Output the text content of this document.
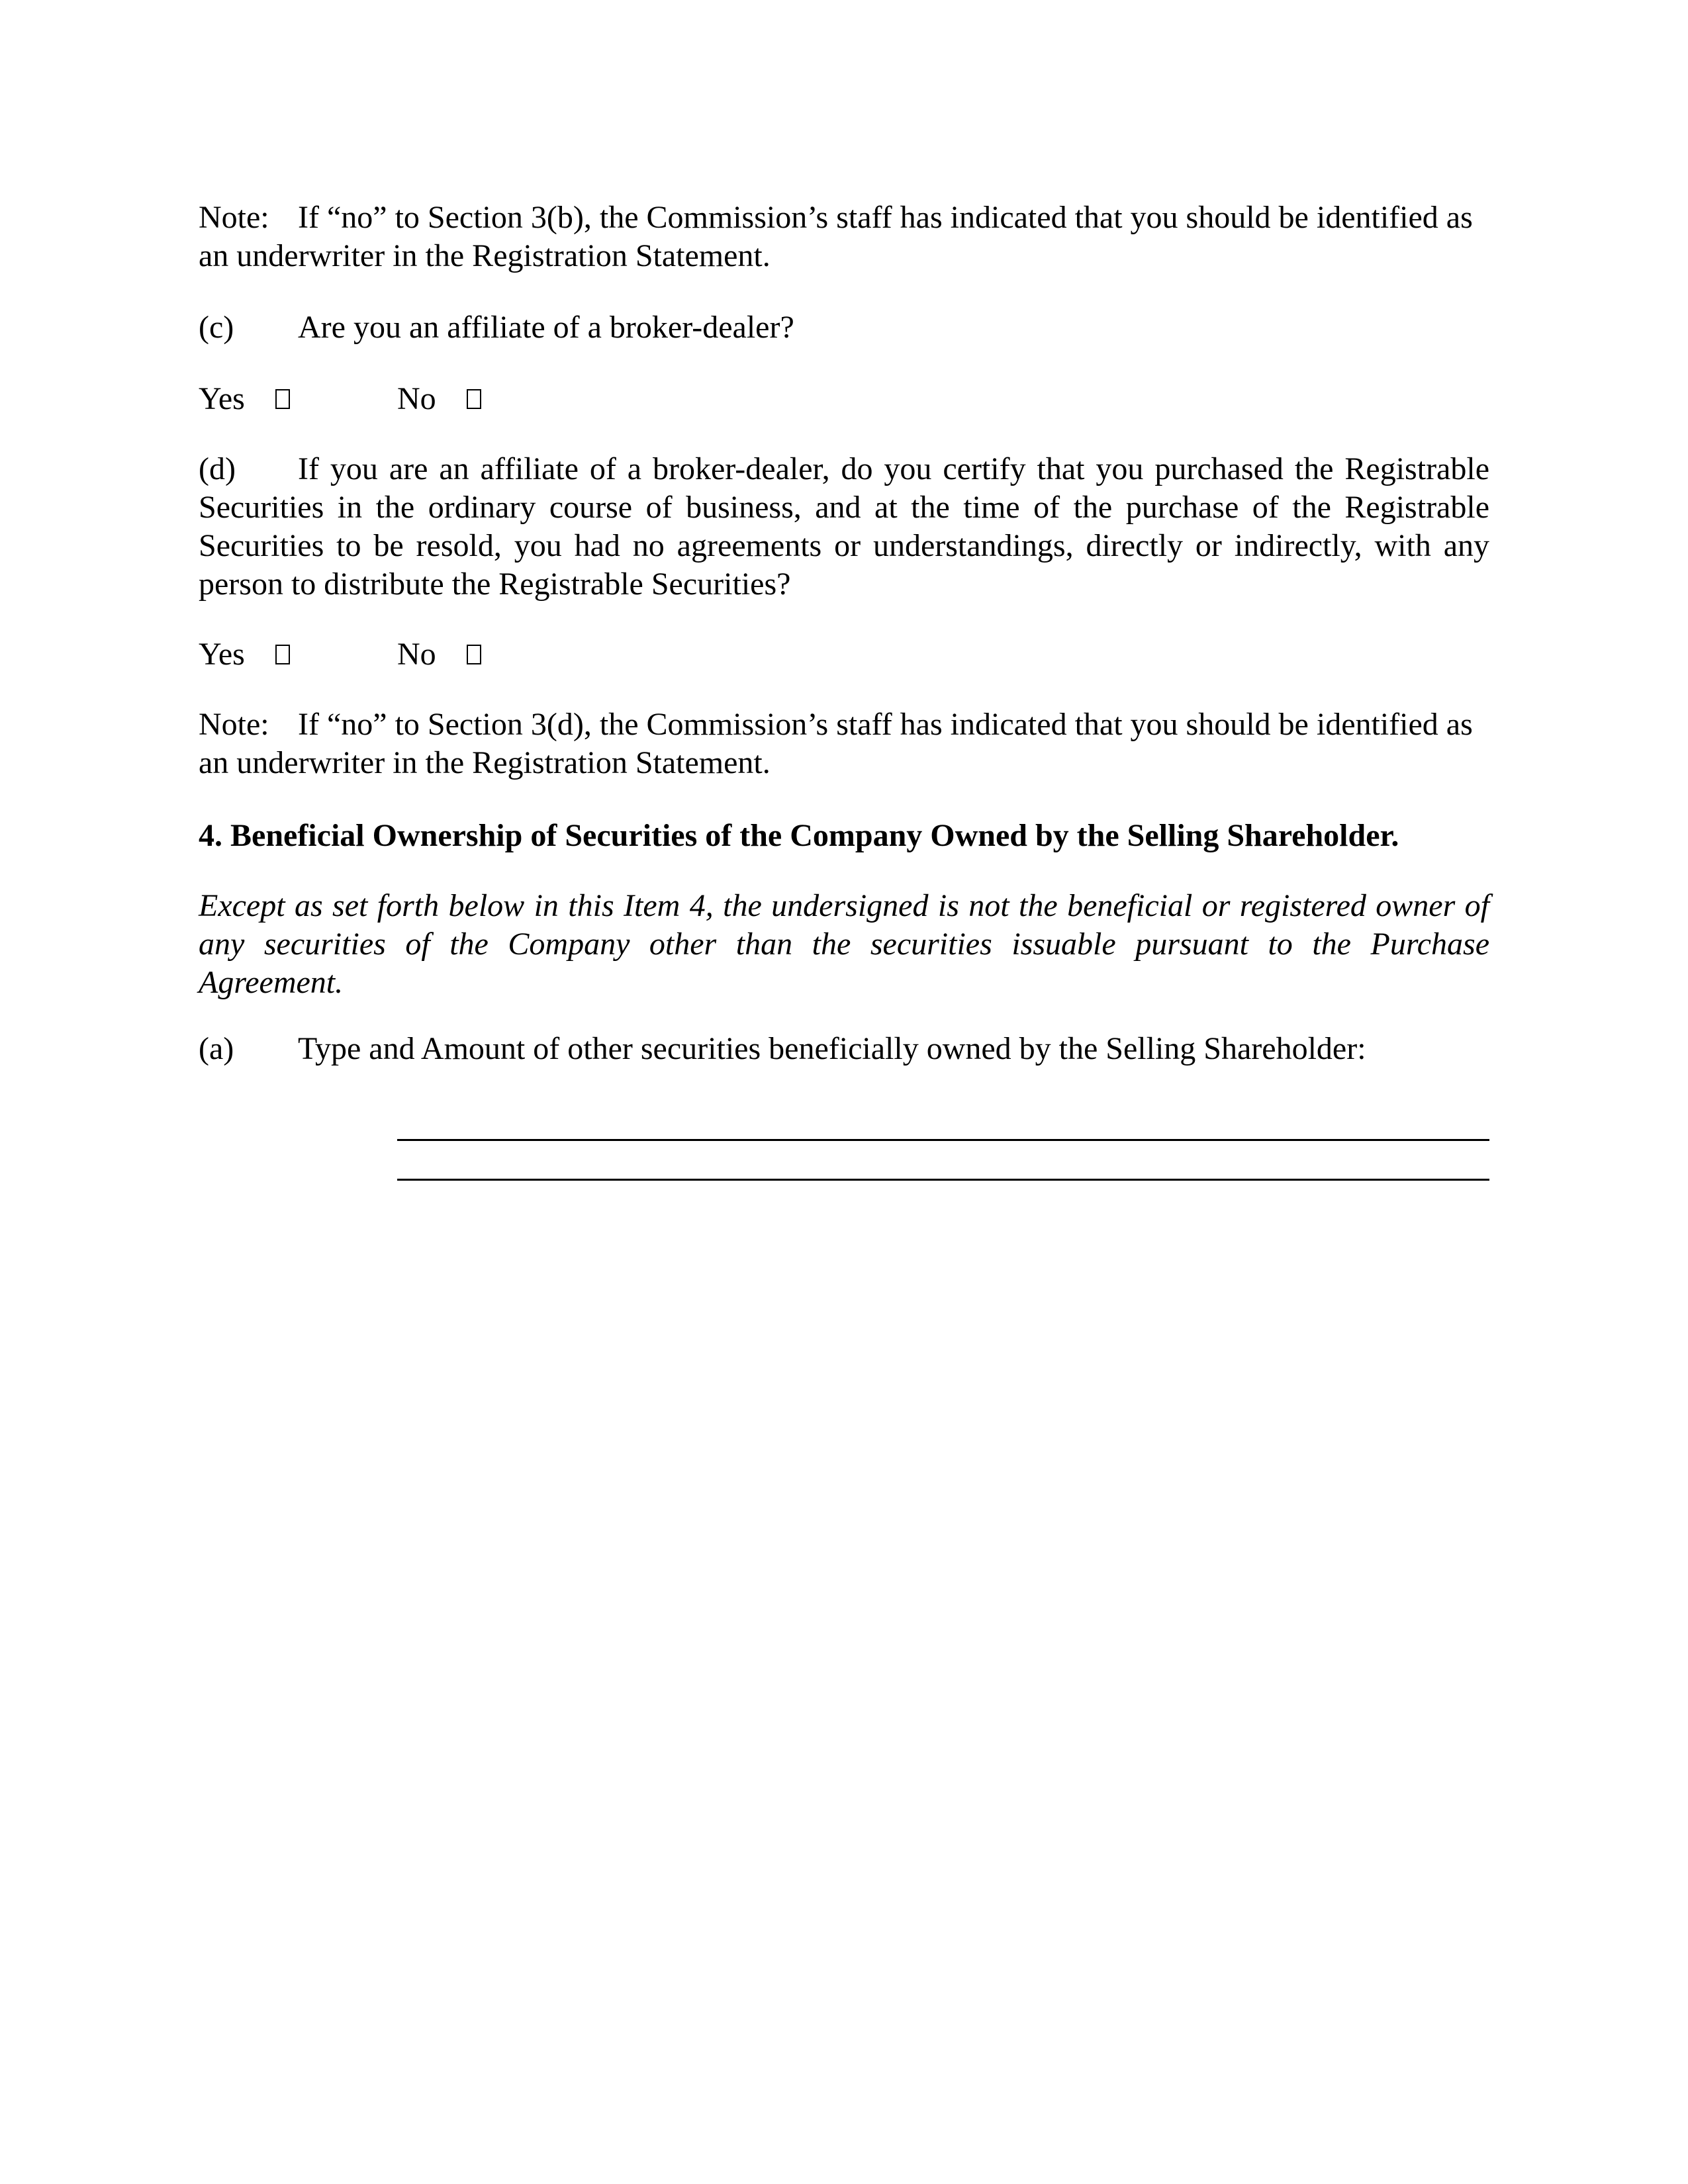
Note: If “no” to Section 3(b), the Commission’s staff has indicated that you should be identified as an underwriter in the Registration Statement.

(c) Are you an affiliate of a broker-dealer?
Yes	No

(d) If you are an affiliate of a broker-dealer, do you certify that you purchased the Registrable Securities in the ordinary course of business, and at the time of the purchase of the Registrable Securities to be resold, you had no agreements or understandings, directly or indirectly, with any person to distribute the Registrable Securities?

Yes	No

Note: If “no” to Section 3(d), the Commission’s staff has indicated that you should be identified as an underwriter in the Registration Statement.

4. Beneficial Ownership of Securities of the Company Owned by the Selling Shareholder.

Except as set forth below in this Item 4, the undersigned is not the beneficial or registered owner of any securities of the Company other than the securities issuable pursuant to the Purchase Agreement.

(a) Type and Amount of other securities beneficially owned by the Selling Shareholder:
